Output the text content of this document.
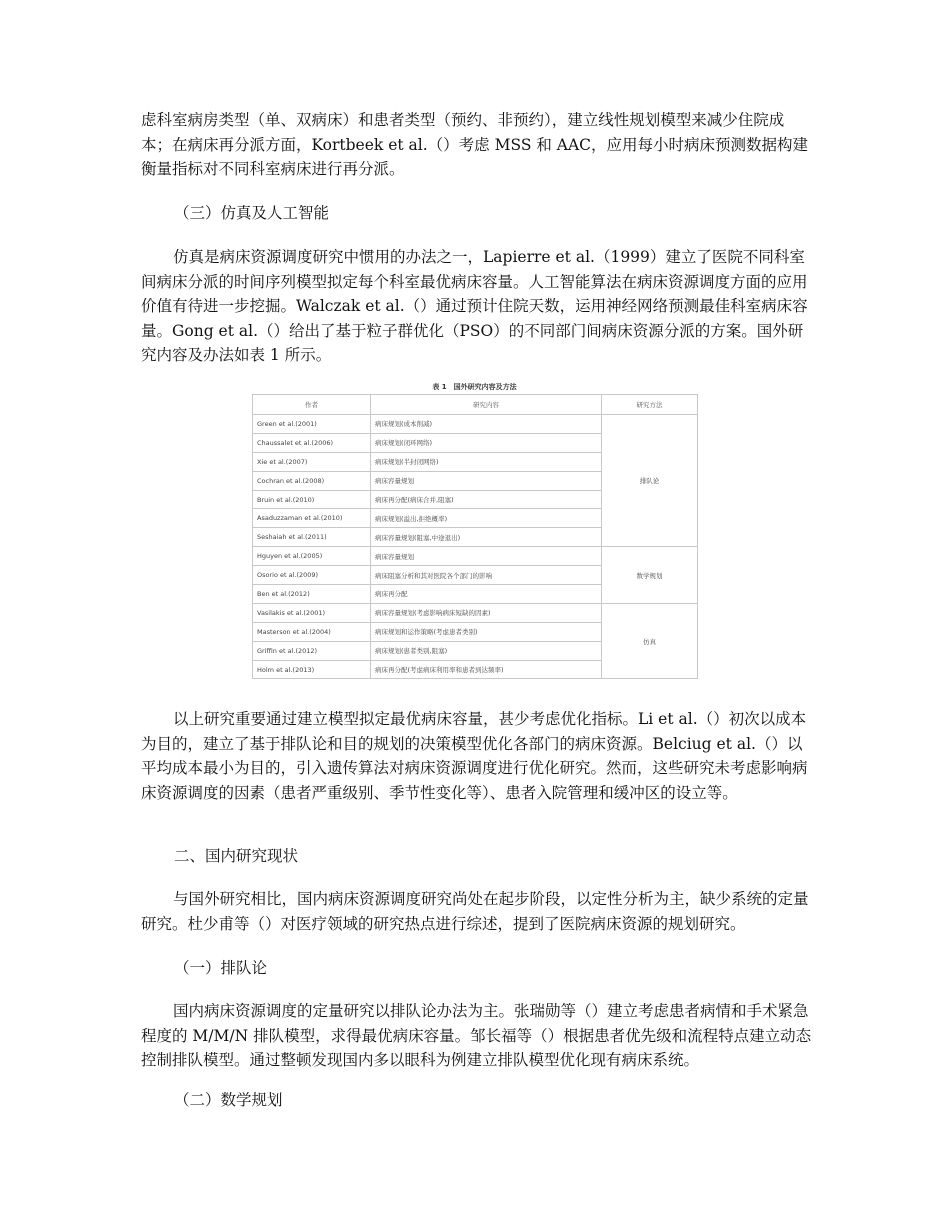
虑科室病房类型（单、双病床）和患者类型（预约、非预约），建立线性规划模型来减少住院成本；在病床再分派方面，Kortbeek et al.（）考虑 MSS 和 AAC，应用每小时病床预测数据构建衡量指标对不同科室病床进行再分派。

（三）仿真及人工智能

仿真是病床资源调度研究中惯用的办法之一，Lapierre et al.（1999）建立了医院不同科室间病床分派的时间序列模型拟定每个科室最优病床容量。人工智能算法在病床资源调度方面的应用价值有待进一步挖掘。Walczak et al.（）通过预计住院天数，运用神经网络预测最佳科室病床容量。Gong et al.（）给出了基于粒子群优化（PSO）的不同部门间病床资源分派的方案。国外研究内容及办法如表 1 所示。

表 1　国外研究内容及方法
作者	研究内容	研究方法
Green et al.(2001)	病床规划(成本削减)	排队论
Chaussalet et al.(2006)	病床规划(闭环网络)	
Xie et al.(2007)	病床规划(半封闭网络)	
Cochran et al.(2008)	病床容量规划	
Bruin et al.(2010)	病床再分配(病床合并,阻塞)	
Asaduzzaman et al.(2010)	病床规划(溢出,拒绝概率)	
Seshaiah et al.(2011)	病床容量规划(阻塞,中途退出)	
Hguyen et al.(2005)	病床容量规划	数学规划
Osorio et al.(2009)	病床阻塞分析和其对医院各个部门的影响	
Ben et al.(2012)	病床再分配	
Vasilakis et al.(2001)	病床容量规划(考虑影响病床短缺的因素)	仿真
Masterson et al.(2004)	病床规划和运作策略(考虑患者类别)	
Griffin et al.(2012)	病床规划(患者类别,阻塞)	
Holm et al.(2013)	病床再分配(考虑病床利用率和患者到达频率)	

以上研究重要通过建立模型拟定最优病床容量，甚少考虑优化指标。Li et al.（）初次以成本为目的，建立了基于排队论和目的规划的决策模型优化各部门的病床资源。Belciug et al.（）以平均成本最小为目的，引入遗传算法对病床资源调度进行优化研究。然而，这些研究未考虑影响病床资源调度的因素（患者严重级别、季节性变化等）、患者入院管理和缓冲区的设立等。

二、国内研究现状

与国外研究相比，国内病床资源调度研究尚处在起步阶段，以定性分析为主，缺少系统的定量研究。杜少甫等（）对医疗领域的研究热点进行综述，提到了医院病床资源的规划研究。

（一）排队论

国内病床资源调度的定量研究以排队论办法为主。张瑞勋等（）建立考虑患者病情和手术紧急程度的 M/M/N 排队模型，求得最优病床容量。邹长福等（）根据患者优先级和流程特点建立动态控制排队模型。通过整顿发现国内多以眼科为例建立排队模型优化现有病床系统。

（二）数学规划
